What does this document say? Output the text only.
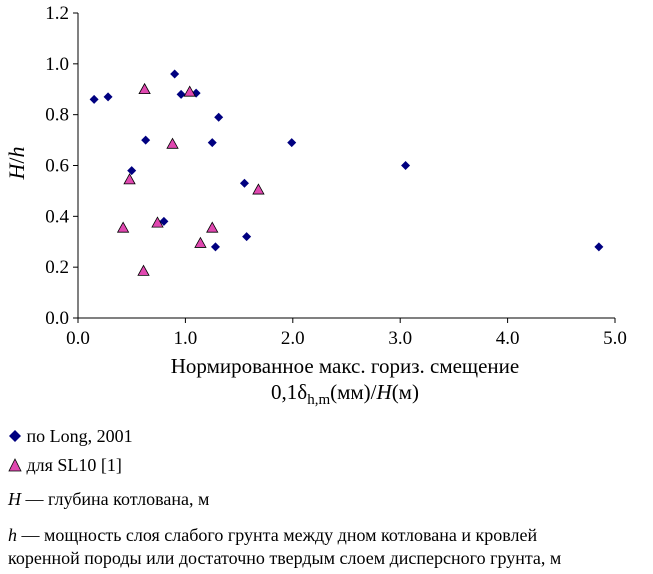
0.0
0.2
0.4
0.6
0.8
1.0
1.2
0.0	1.0	2.0	3.0	4.0	5.0
H/h
Нормированное макс. гориз. смещение
$0,1\delta_{h,m}(мм)/H(м)$
по Long, 2001
для SL10 [1]
H — глубина котлована, м
h — мощность слоя слабого грунта между дном котлована и кровлей
коренной породы или достаточно твердым слоем дисперсного грунта, м
